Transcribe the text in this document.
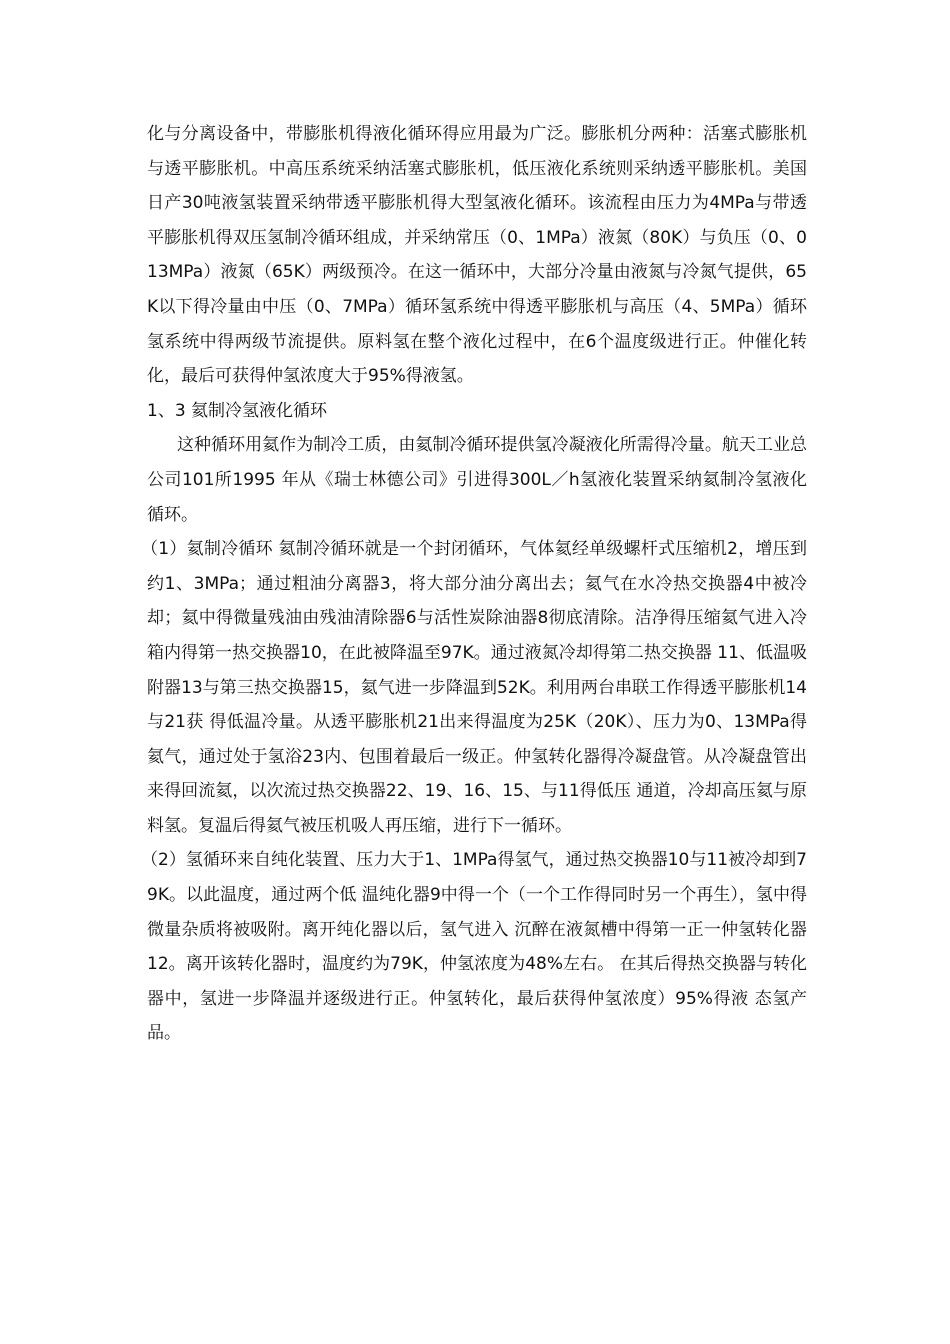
化与分离设备中，带膨胀机得液化循环得应用最为广泛。膨胀机分两种：活塞式膨胀机与透平膨胀机。中高压系统采纳活塞式膨胀机，低压液化系统则采纳透平膨胀机。美国日产30吨液氢装置采纳带透平膨胀机得大型氢液化循环。该流程由压力为4MPa与带透平膨胀机得双压氢制冷循环组成，并采纳常压（0、1MPa）液氮（80K）与负压（0、013MPa）液氮（65K）两级预冷。在这一循环中，大部分冷量由液氮与冷氮气提供，65K以下得冷量由中压（0、7MPa）循环氢系统中得透平膨胀机与高压（4、5MPa）循环氢系统中得两级节流提供。原料氢在整个液化过程中，在6个温度级进行正。仲催化转化，最后可获得仲氢浓度大于95%得液氢。

1、3 氦制冷氢液化循环

这种循环用氦作为制冷工质，由氦制冷循环提供氢冷凝液化所需得冷量。航天工业总公司101所1995 年从《瑞士林德公司》引进得300L／h氢液化装置采纳氦制冷氢液化循环。

（1）氦制冷循环 氦制冷循环就是一个封闭循环，气体氦经单级螺杆式压缩机2，增压到约1、3MPa；通过粗油分离器3，将大部分油分离出去；氦气在水冷热交换器4中被冷却；氦中得微量残油由残油清除器6与活性炭除油器8彻底清除。洁净得压缩氦气进入冷箱内得第一热交换器10，在此被降温至97K。通过液氮冷却得第二热交换器 11、低温吸附器13与第三热交换器15，氦气进一步降温到52K。利用两台串联工作得透平膨胀机14与21获 得低温冷量。从透平膨胀机21出来得温度为25K（20K）、压力为0、13MPa得氦气，通过处于氢浴23内、包围着最后一级正。仲氢转化器得冷凝盘管。从冷凝盘管出来得回流氦，以次流过热交换器22、19、16、15、与11得低压 通道，冷却高压氦与原料氢。复温后得氦气被压机吸人再压缩，进行下一循环。

（2）氢循环来自纯化装置、压力大于1、1MPa得氢气，通过热交换器10与11被冷却到79K。以此温度，通过两个低 温纯化器9中得一个（一个工作得同时另一个再生），氢中得微量杂质将被吸附。离开纯化器以后，氢气进入 沉醉在液氮槽中得第一正一仲氢转化器12。离开该转化器时，温度约为79K，仲氢浓度为48%左右。 在其后得热交换器与转化器中，氢进一步降温并逐级进行正。仲氢转化，最后获得仲氢浓度）95%得液 态氢产品。
